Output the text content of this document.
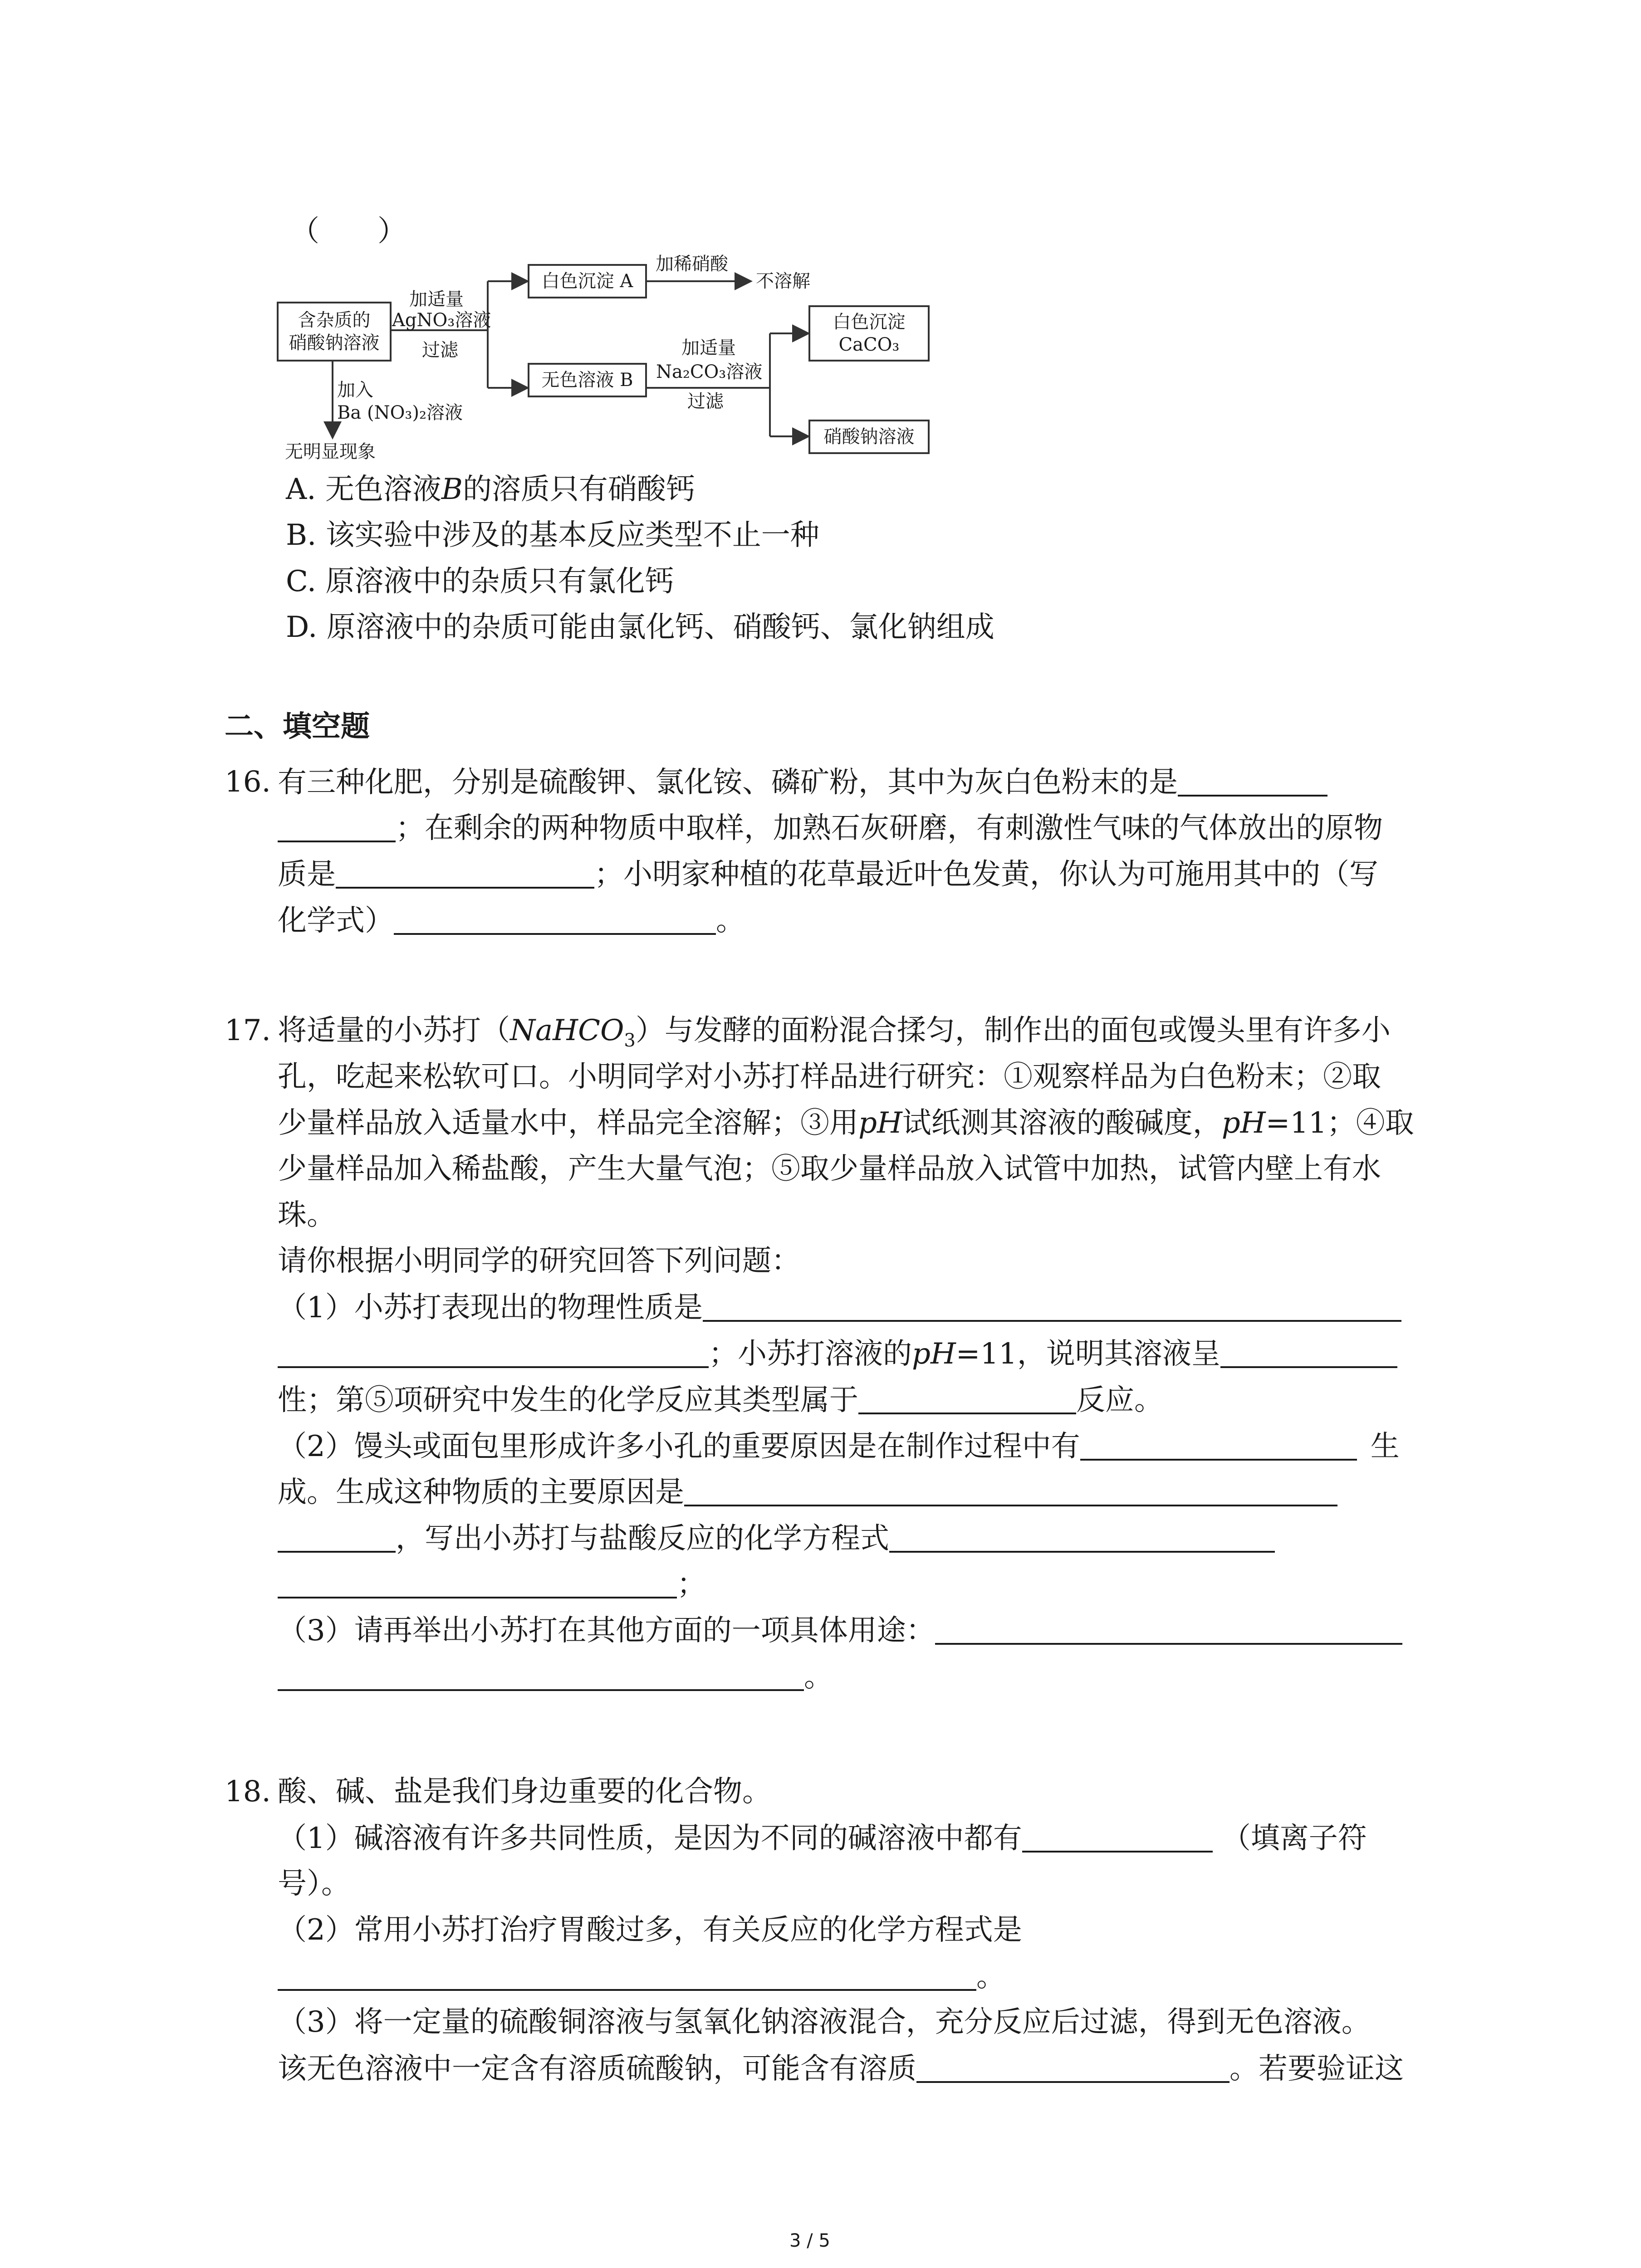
（　　）
含杂质的
硝酸钠溶液
加适量
AgNO₃溶液
过滤
白色沉淀 A
加稀硝酸
不溶解
无色溶液 B
加适量
Na₂CO₃溶液
过滤
白色沉淀
CaCO₃
硝酸钠溶液
加入
Ba (NO₃)₂溶液
无明显现象
A. 无色溶液B的溶质只有硝酸钙
B. 该实验中涉及的基本反应类型不止一种
C. 原溶液中的杂质只有氯化钙
D. 原溶液中的杂质可能由氯化钙、硝酸钙、氯化钠组成
二、填空题
16. 有三种化肥，分别是硫酸钾、氯化铵、磷矿粉，其中为灰白色粉末的是
；在剩余的两种物质中取样，加熟石灰研磨，有刺激性气味的气体放出的原物
质是	；小明家种植的花草最近叶色发黄，你认为可施用其中的（写
化学式）	。
17. 将适量的小苏打（NaHCO$_3$）与发酵的面粉混合揉匀，制作出的面包或馒头里有许多小
孔，吃起来松软可口。小明同学对小苏打样品进行研究：①观察样品为白色粉末；②取
少量样品放入适量水中，样品完全溶解；③用pH试纸测其溶液的酸碱度，pH=11；④取
少量样品加入稀盐酸，产生大量气泡；⑤取少量样品放入试管中加热，试管内壁上有水
珠。
请你根据小明同学的研究回答下列问题：
（1）小苏打表现出的物理性质是
；小苏打溶液的pH=11，说明其溶液呈
性；第⑤项研究中发生的化学反应其类型属于	反应。
（2）馒头或面包里形成许多小孔的重要原因是在制作过程中有	生
成。生成这种物质的主要原因是
，写出小苏打与盐酸反应的化学方程式
；
（3）请再举出小苏打在其他方面的一项具体用途：
。
18. 酸、碱、盐是我们身边重要的化合物。
（1）碱溶液有许多共同性质，是因为不同的碱溶液中都有	（填离子符
号）。
（2）常用小苏打治疗胃酸过多，有关反应的化学方程式是
。
（3）将一定量的硫酸铜溶液与氢氧化钠溶液混合，充分反应后过滤，得到无色溶液。
该无色溶液中一定含有溶质硫酸钠，可能含有溶质	。若要验证这
3 / 5
